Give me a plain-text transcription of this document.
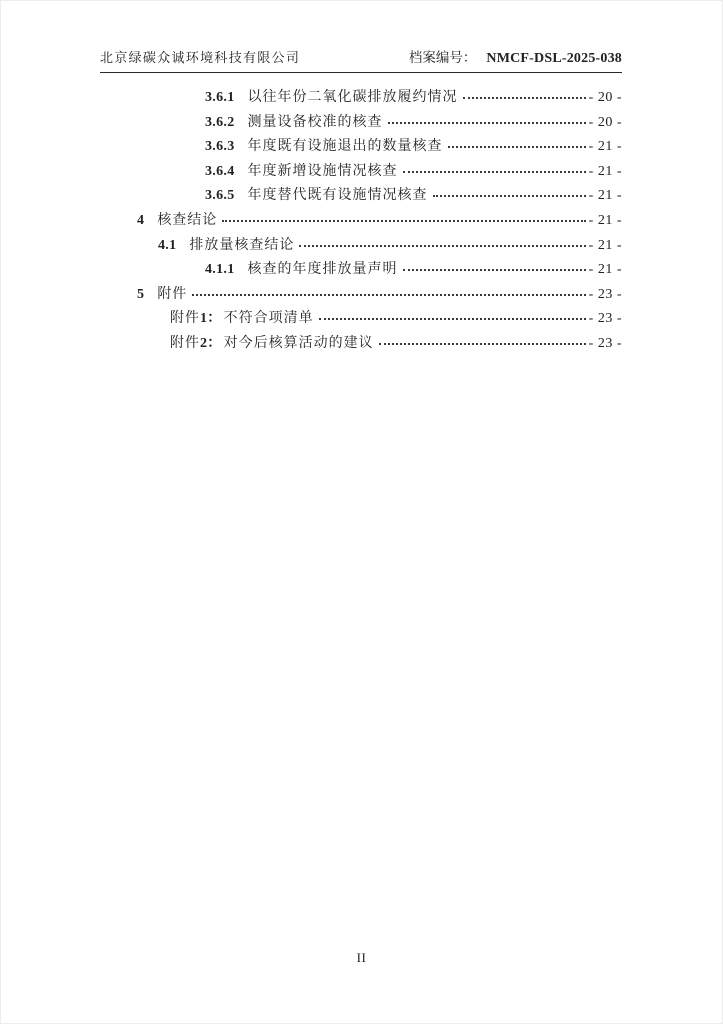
北京绿碳众诚环境科技有限公司	档案编号： NMCF-DSL-2025-038
3.6.1 以往年份二氧化碳排放履约情况	- 20 -
3.6.2 测量设备校准的核查	- 20 -
3.6.3 年度既有设施退出的数量核查	- 21 -
3.6.4 年度新增设施情况核查	- 21 -
3.6.5 年度替代既有设施情况核查	- 21 -
4 核查结论	- 21 -
4.1 排放量核查结论	- 21 -
4.1.1 核查的年度排放量声明	- 21 -
5 附件	- 23 -
附件 1： 不符合项清单	- 23 -
附件 2： 对今后核算活动的建议	- 23 -
II
